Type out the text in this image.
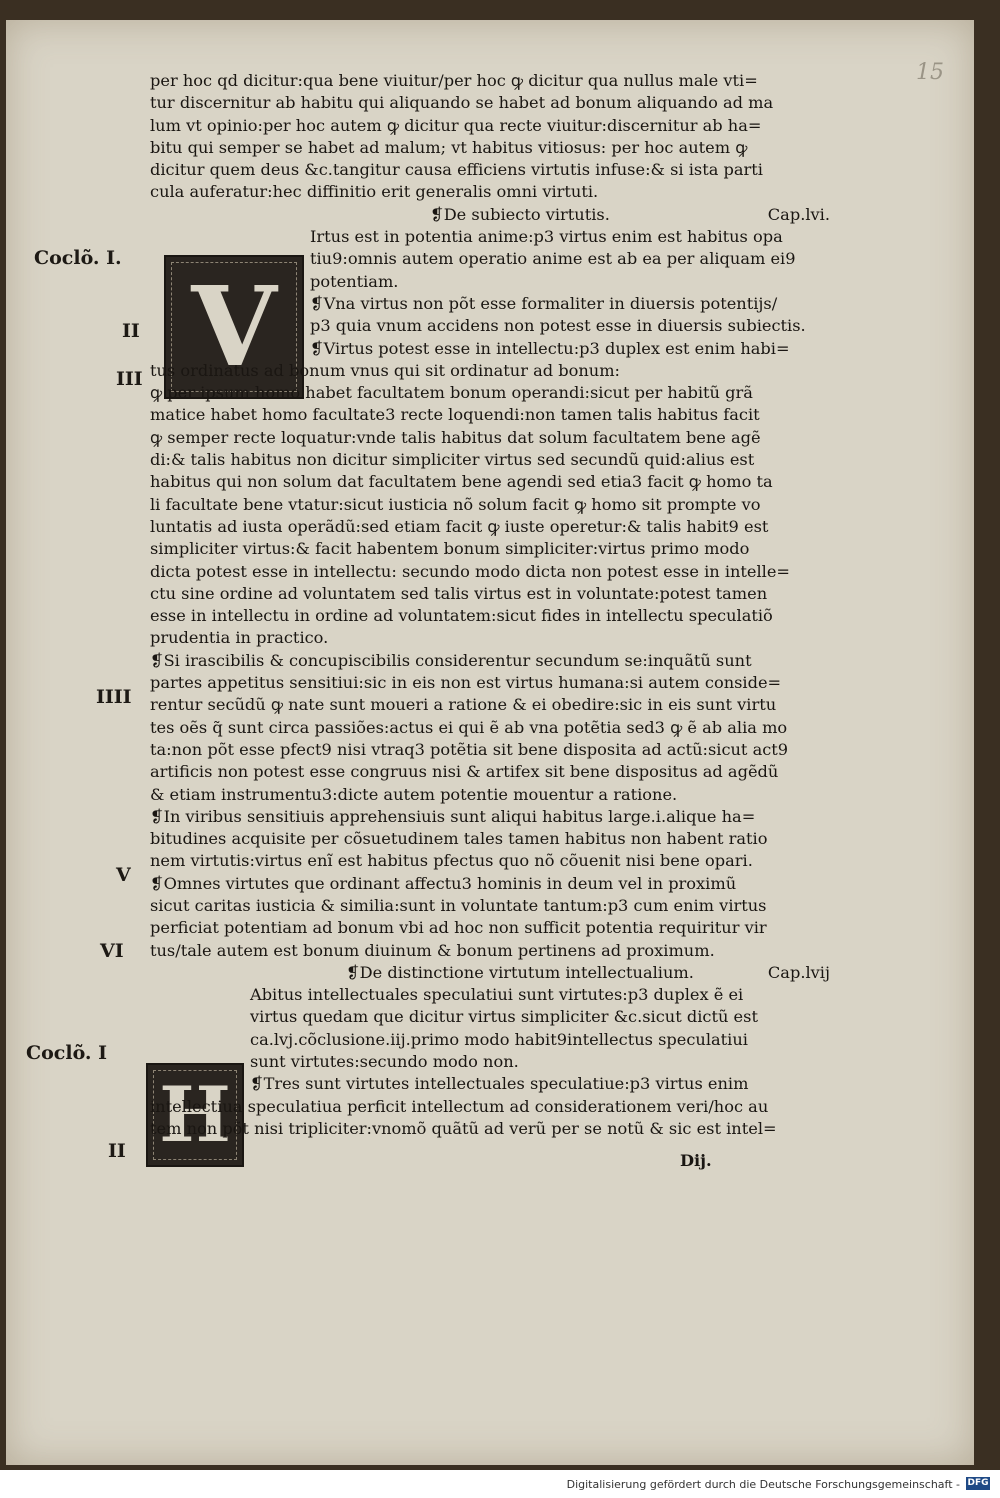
15
Coclõ. I.
II
III
IIII
V
VI
Coclõ. I
II
V
H
per hoc qd dicitur:qua bene viuitur/per hoc ꝙ dicitur qua nullus male vti=
tur discernitur ab habitu qui aliquando se habet ad bonum aliquando ad ma
lum vt opinio:per hoc autem ꝙ dicitur qua recte viuitur:discernitur ab ha=
bitu qui semper se habet ad malum; vt habitus vitiosus: per hoc autem ꝙ
dicitur quem deus &c.tangitur causa efficiens virtutis infuse:& si ista parti
cula auferatur:hec diffinitio erit generalis omni virtuti.
❡De subiecto virtutis.	Cap.lvi.
Irtus est in potentia anime:p3 virtus enim est habitus opa
tiu9:omnis autem operatio anime est ab ea per aliquam ei9
potentiam.
❡Vna virtus non põt esse formaliter in diuersis potentijs/
p3 quia vnum accidens non potest esse in diuersis subiectis.
❡Virtus potest esse in intellectu:p3 duplex est enim habi=
tus ordinatus ad bonum vnus qui sit ordinatur ad bonum:
ꝙ per ipsum homo habet facultatem bonum operandi:sicut per habitũ grã
matice habet homo facultate3 recte loquendi:non tamen talis habitus facit
ꝙ semper recte loquatur:vnde talis habitus dat solum facultatem bene agẽ
di:& talis habitus non dicitur simpliciter virtus sed secundũ quid:alius est
habitus qui non solum dat facultatem bene agendi sed etia3 facit ꝙ homo ta
li facultate bene vtatur:sicut iusticia nõ solum facit ꝙ homo sit prompte vo
luntatis ad iusta operãdũ:sed etiam facit ꝙ iuste operetur:& talis habit9 est
simpliciter virtus:& facit habentem bonum simpliciter:virtus primo modo
dicta potest esse in intellectu: secundo modo dicta non potest esse in intelle=
ctu sine ordine ad voluntatem sed talis virtus est in voluntate:potest tamen
esse in intellectu in ordine ad voluntatem:sicut fides in intellectu speculatiõ
prudentia in practico.
❡Si irascibilis & concupiscibilis considerentur secundum se:inquãtũ sunt
partes appetitus sensitiui:sic in eis non est virtus humana:si autem conside=
rentur secũdũ ꝙ nate sunt moueri a ratione & ei obedire:sic in eis sunt virtu
tes oẽs q̃ sunt circa passiões:actus ei qui ẽ ab vna potẽtia sed3 ꝙ ẽ ab alia mo
ta:non põt esse pfect9 nisi vtraq3 potẽtia sit bene disposita ad actũ:sicut act9
artificis non potest esse congruus nisi & artifex sit bene dispositus ad agẽdũ
& etiam instrumentu3:dicte autem potentie mouentur a ratione.
❡In viribus sensitiuis apprehensiuis sunt aliqui habitus large.i.alique ha=
bitudines acquisite per cõsuetudinem tales tamen habitus non habent ratio
nem virtutis:virtus enĩ est habitus pfectus quo nõ cõuenit nisi bene opari.
❡Omnes virtutes que ordinant affectu3 hominis in deum vel in proximũ
sicut caritas iusticia & similia:sunt in voluntate tantum:p3 cum enim virtus
perficiat potentiam ad bonum vbi ad hoc non sufficit potentia requiritur vir
tus/tale autem est bonum diuinum & bonum pertinens ad proximum.
❡De distinctione virtutum intellectualium.	Cap.lvij
Abitus intellectuales speculatiui sunt virtutes:p3 duplex ẽ ei
virtus quedam que dicitur virtus simpliciter &c.sicut dictũ est
ca.lvj.cõclusione.iij.primo modo habit9intellectus speculatiui
sunt virtutes:secundo modo non.
❡Tres sunt virtutes intellectuales speculatiue:p3 virtus enim
intellectiua speculatiua perficit intellectum ad considerationem veri/hoc au
tem non põt nisi tripliciter:vnomõ quãtũ ad verũ per se notũ & sic est intel=
Dij.
Digitalisierung gefördert durch die Deutsche Forschungsgemeinschaft - DFG
